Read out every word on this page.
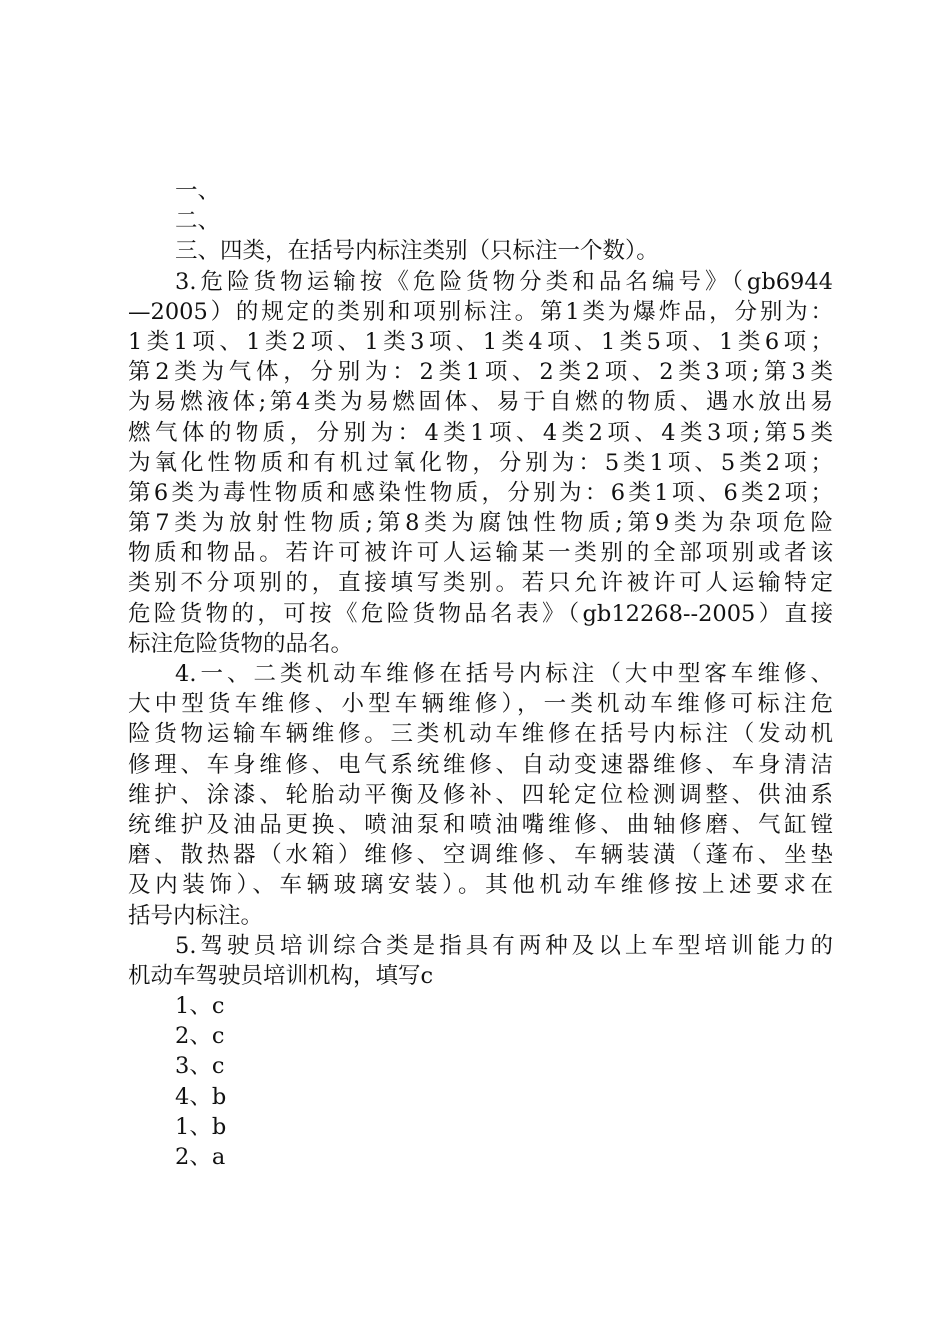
一、
二、
三、四类，在括号内标注类别（只标注一个数）。
3.危险货物运输按《危险货物分类和品名编号》（gb6944
—2005）的规定的类别和项别标注。第1类为爆炸品，分别为：
1类1项、1类2项、1类3项、1类4项、1类5项、1类6项；
第2类为气体，分别为：2类1项、2类2项、2类3项;第3类
为易燃液体;第4类为易燃固体、易于自燃的物质、遇水放出易
燃气体的物质，分别为：4类1项、4类2项、4类3项;第5类
为氧化性物质和有机过氧化物，分别为：5类1项、5类2项；
第6类为毒性物质和感染性物质，分别为：6类1项、6类2项；
第7类为放射性物质;第8类为腐蚀性物质;第9类为杂项危险
物质和物品。若许可被许可人运输某一类别的全部项别或者该
类别不分项别的，直接填写类别。若只允许被许可人运输特定
危险货物的，可按《危险货物品名表》（gb12268--2005）直接
标注危险货物的品名。
4.一、二类机动车维修在括号内标注（大中型客车维修、
大中型货车维修、小型车辆维修），一类机动车维修可标注危
险货物运输车辆维修。三类机动车维修在括号内标注（发动机
修理、车身维修、电气系统维修、自动变速器维修、车身清洁
维护、涂漆、轮胎动平衡及修补、四轮定位检测调整、供油系
统维护及油品更换、喷油泵和喷油嘴维修、曲轴修磨、气缸镗
磨、散热器（水箱）维修、空调维修、车辆装潢（蓬布、坐垫
及内装饰）、车辆玻璃安装）。其他机动车维修按上述要求在
括号内标注。
5.驾驶员培训综合类是指具有两种及以上车型培训能力的
机动车驾驶员培训机构，填写c
1、c
2、c
3、c
4、b
1、b
2、a
